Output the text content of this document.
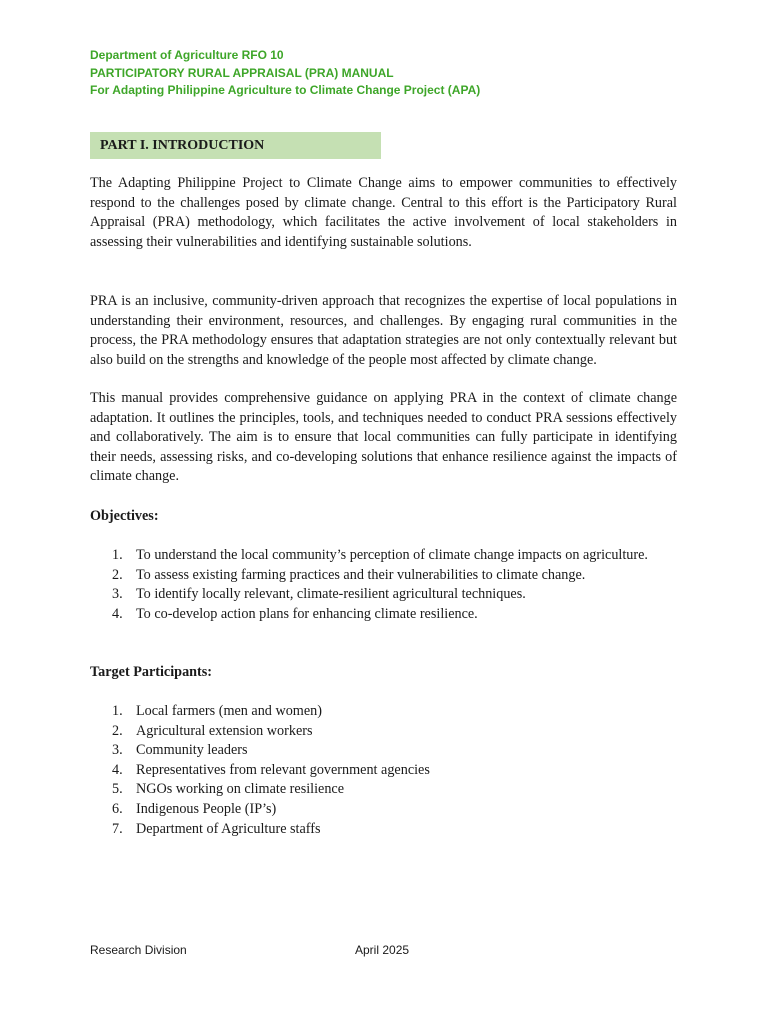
Department of Agriculture RFO 10
PARTICIPATORY RURAL APPRAISAL (PRA) MANUAL
For Adapting Philippine Agriculture to Climate Change Project (APA)
PART I. INTRODUCTION
The Adapting Philippine Project to Climate Change aims to empower communities to effectively respond to the challenges posed by climate change. Central to this effort is the Participatory Rural Appraisal (PRA) methodology, which facilitates the active involvement of local stakeholders in assessing their vulnerabilities and identifying sustainable solutions.
PRA is an inclusive, community-driven approach that recognizes the expertise of local populations in understanding their environment, resources, and challenges. By engaging rural communities in the process, the PRA methodology ensures that adaptation strategies are not only contextually relevant but also build on the strengths and knowledge of the people most affected by climate change.
This manual provides comprehensive guidance on applying PRA in the context of climate change adaptation. It outlines the principles, tools, and techniques needed to conduct PRA sessions effectively and collaboratively. The aim is to ensure that local communities can fully participate in identifying their needs, assessing risks, and co-developing solutions that enhance resilience against the impacts of climate change.
Objectives:
1. To understand the local community’s perception of climate change impacts on agriculture.
2. To assess existing farming practices and their vulnerabilities to climate change.
3. To identify locally relevant, climate-resilient agricultural techniques.
4. To co-develop action plans for enhancing climate resilience.
Target Participants:
1. Local farmers (men and women)
2. Agricultural extension workers
3. Community leaders
4. Representatives from relevant government agencies
5. NGOs working on climate resilience
6. Indigenous People (IP’s)
7. Department of Agriculture staffs
Research Division	April 2025
